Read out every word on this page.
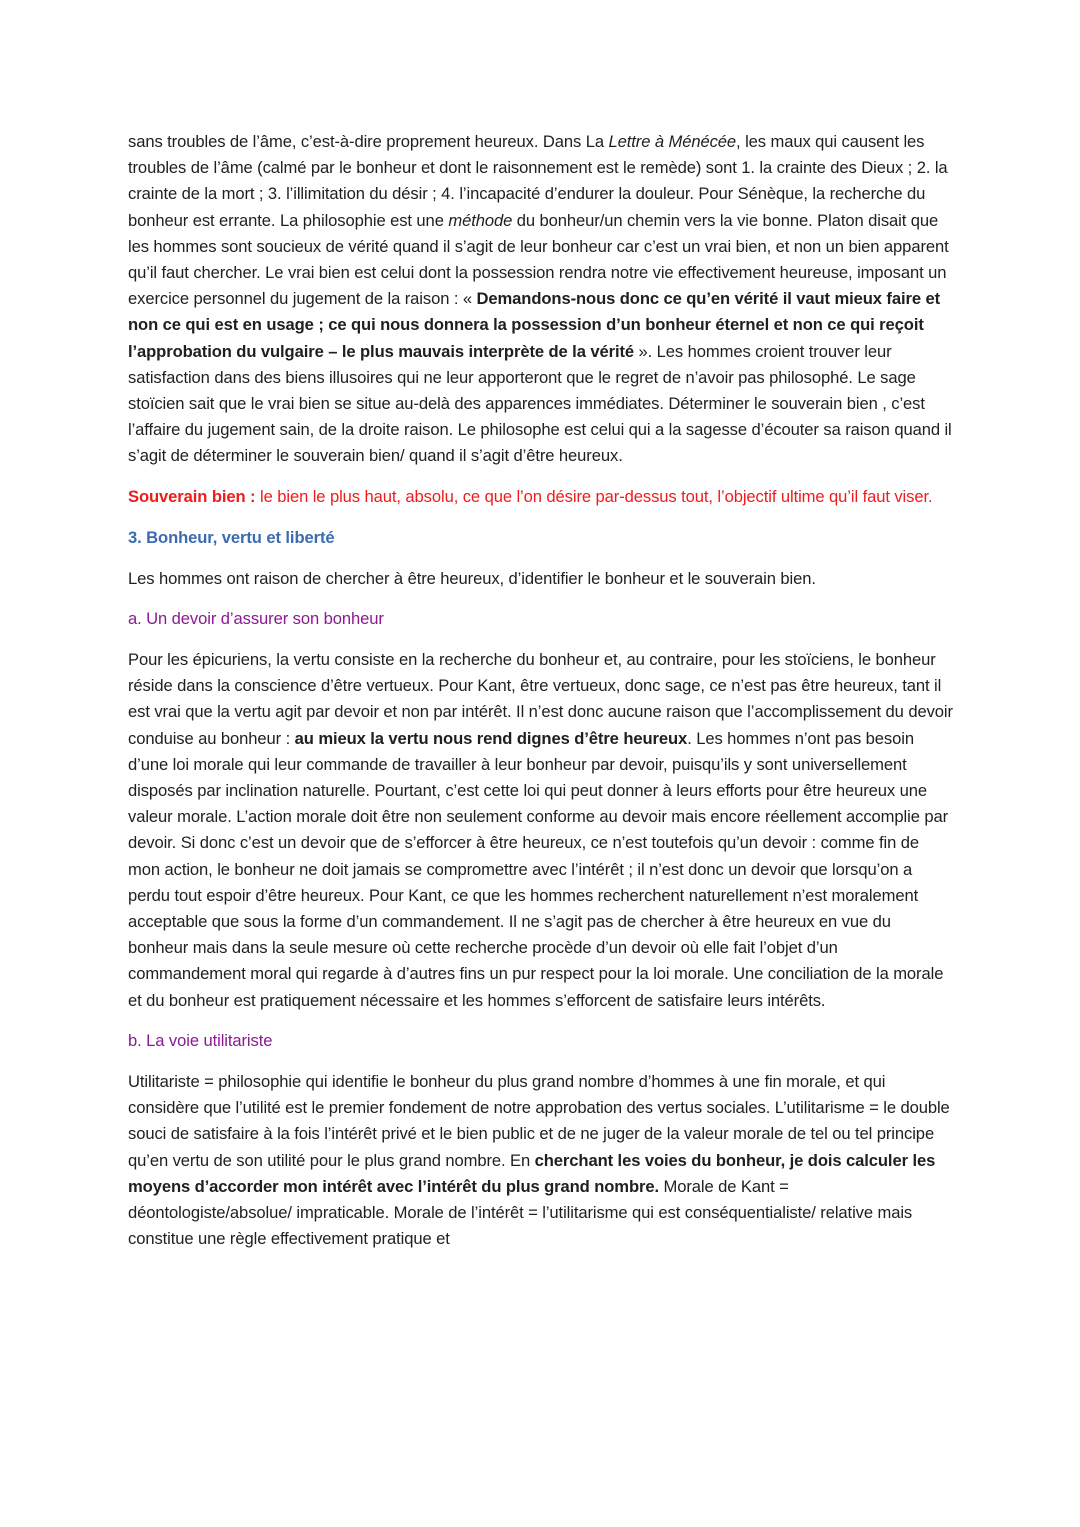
sans troubles de l’âme, c’est-à-dire proprement heureux. Dans La Lettre à Ménécée, les maux qui causent les troubles de l’âme (calmé par le bonheur et dont le raisonnement est le remède) sont 1. la crainte des Dieux ; 2. la crainte de la mort ; 3. l’illimitation du désir ; 4. l’incapacité d’endurer la douleur. Pour Sénèque, la recherche du bonheur est errante. La philosophie est une méthode du bonheur/un chemin vers la vie bonne. Platon disait que les hommes sont soucieux de vérité quand il s’agit de leur bonheur car c’est un vrai bien, et non un bien apparent qu’il faut chercher. Le vrai bien est celui dont la possession rendra notre vie effectivement heureuse, imposant un exercice personnel du jugement de la raison : « Demandons-nous donc ce qu’en vérité il vaut mieux faire et non ce qui est en usage ; ce qui nous donnera la possession d’un bonheur éternel et non ce qui reçoit l’approbation du vulgaire – le plus mauvais interprète de la vérité ». Les hommes croient trouver leur satisfaction dans des biens illusoires qui ne leur apporteront que le regret de n’avoir pas philosophé. Le sage stoïcien sait que le vrai bien se situe au-delà des apparences immédiates. Déterminer le souverain bien , c’est l’affaire du jugement sain, de la droite raison. Le philosophe est celui qui a la sagesse d’écouter sa raison quand il s’agit de déterminer le souverain bien/ quand il s’agit d’être heureux.

Souverain bien : le bien le plus haut, absolu, ce que l’on désire par-dessus tout, l’objectif ultime qu’il faut viser.

3. Bonheur, vertu et liberté

Les hommes ont raison de chercher à être heureux, d’identifier le bonheur et le souverain bien.

a. Un devoir d’assurer son bonheur

Pour les épicuriens, la vertu consiste en la recherche du bonheur et, au contraire, pour les stoïciens, le bonheur réside dans la conscience d’être vertueux. Pour Kant, être vertueux, donc sage, ce n’est pas être heureux, tant il est vrai que la vertu agit par devoir et non par intérêt. Il n’est donc aucune raison que l’accomplissement du devoir conduise au bonheur : au mieux la vertu nous rend dignes d’être heureux. Les hommes n’ont pas besoin d’une loi morale qui leur commande de travailler à leur bonheur par devoir, puisqu’ils y sont universellement disposés par inclination naturelle. Pourtant, c’est cette loi qui peut donner à leurs efforts pour être heureux une valeur morale. L’action morale doit être non seulement conforme au devoir mais encore réellement accomplie par devoir. Si donc c’est un devoir que de s’efforcer à être heureux, ce n’est toutefois qu’un devoir : comme fin de mon action, le bonheur ne doit jamais se compromettre avec l’intérêt ; il n’est donc un devoir que lorsqu’on a perdu tout espoir d’être heureux. Pour Kant, ce que les hommes recherchent naturellement n’est moralement acceptable que sous la forme d’un commandement. Il ne s’agit pas de chercher à être heureux en vue du bonheur mais dans la seule mesure où cette recherche procède d’un devoir où elle fait l’objet d’un commandement moral qui regarde à d’autres fins un pur respect pour la loi morale. Une conciliation de la morale et du bonheur est pratiquement nécessaire et les hommes s’efforcent de satisfaire leurs intérêts.

b. La voie utilitariste

Utilitariste = philosophie qui identifie le bonheur du plus grand nombre d’hommes à une fin morale, et qui considère que l’utilité est le premier fondement de notre approbation des vertus sociales. L’utilitarisme = le double souci de satisfaire à la fois l’intérêt privé et le bien public et de ne juger de la valeur morale de tel ou tel principe qu’en vertu de son utilité pour le plus grand nombre. En cherchant les voies du bonheur, je dois calculer les moyens d’accorder mon intérêt avec l’intérêt du plus grand nombre. Morale de Kant = déontologiste/absolue/ impraticable. Morale de l’intérêt = l’utilitarisme qui est conséquentialiste/ relative mais constitue une règle effectivement pratique et
